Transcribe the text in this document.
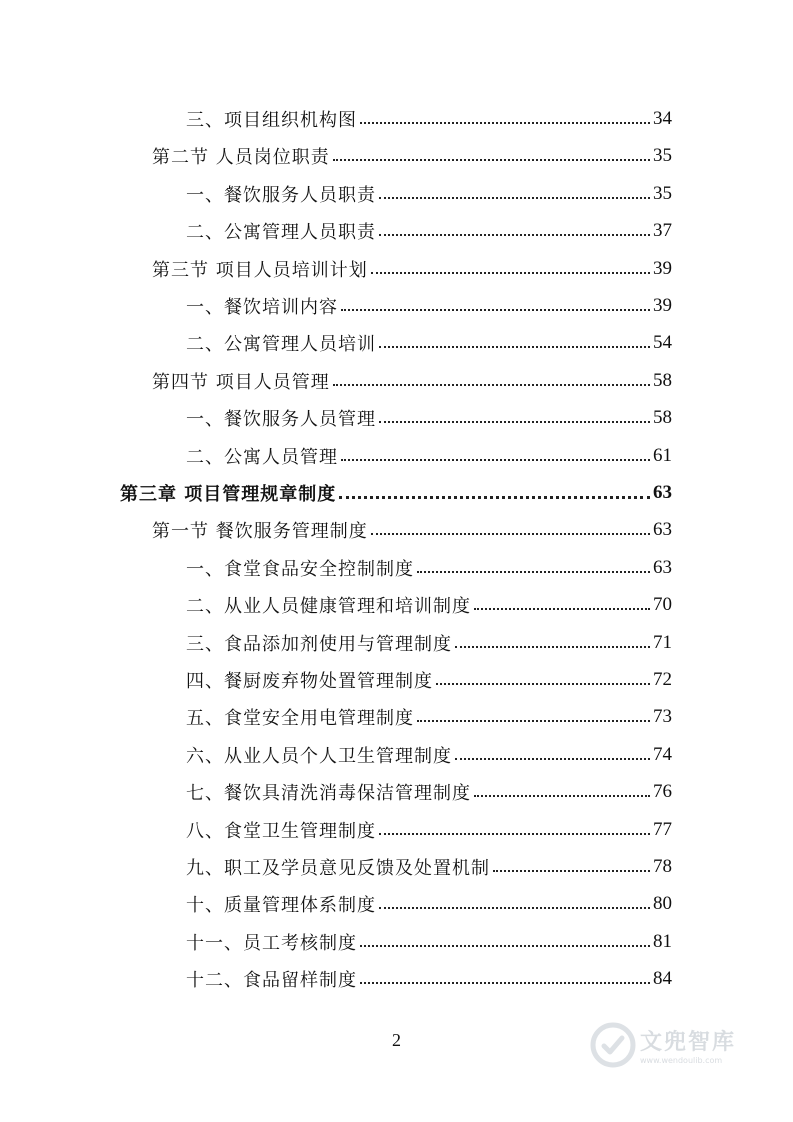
三、项目组织机构图	34
第二节 人员岗位职责	35
一、餐饮服务人员职责	35
二、公寓管理人员职责	37
第三节 项目人员培训计划	39
一、餐饮培训内容	39
二、公寓管理人员培训	54
第四节 项目人员管理	58
一、餐饮服务人员管理	58
二、公寓人员管理	61
第三章 项目管理规章制度	63
第一节 餐饮服务管理制度	63
一、食堂食品安全控制制度	63
二、从业人员健康管理和培训制度	70
三、食品添加剂使用与管理制度	71
四、餐厨废弃物处置管理制度	72
五、食堂安全用电管理制度	73
六、从业人员个人卫生管理制度	74
七、餐饮具清洗消毒保洁管理制度	76
八、食堂卫生管理制度	77
九、职工及学员意见反馈及处置机制	78
十、质量管理体系制度	80
十一、员工考核制度	81
十二、食品留样制度	84
2	文兜智库
www.wendoulib.com
